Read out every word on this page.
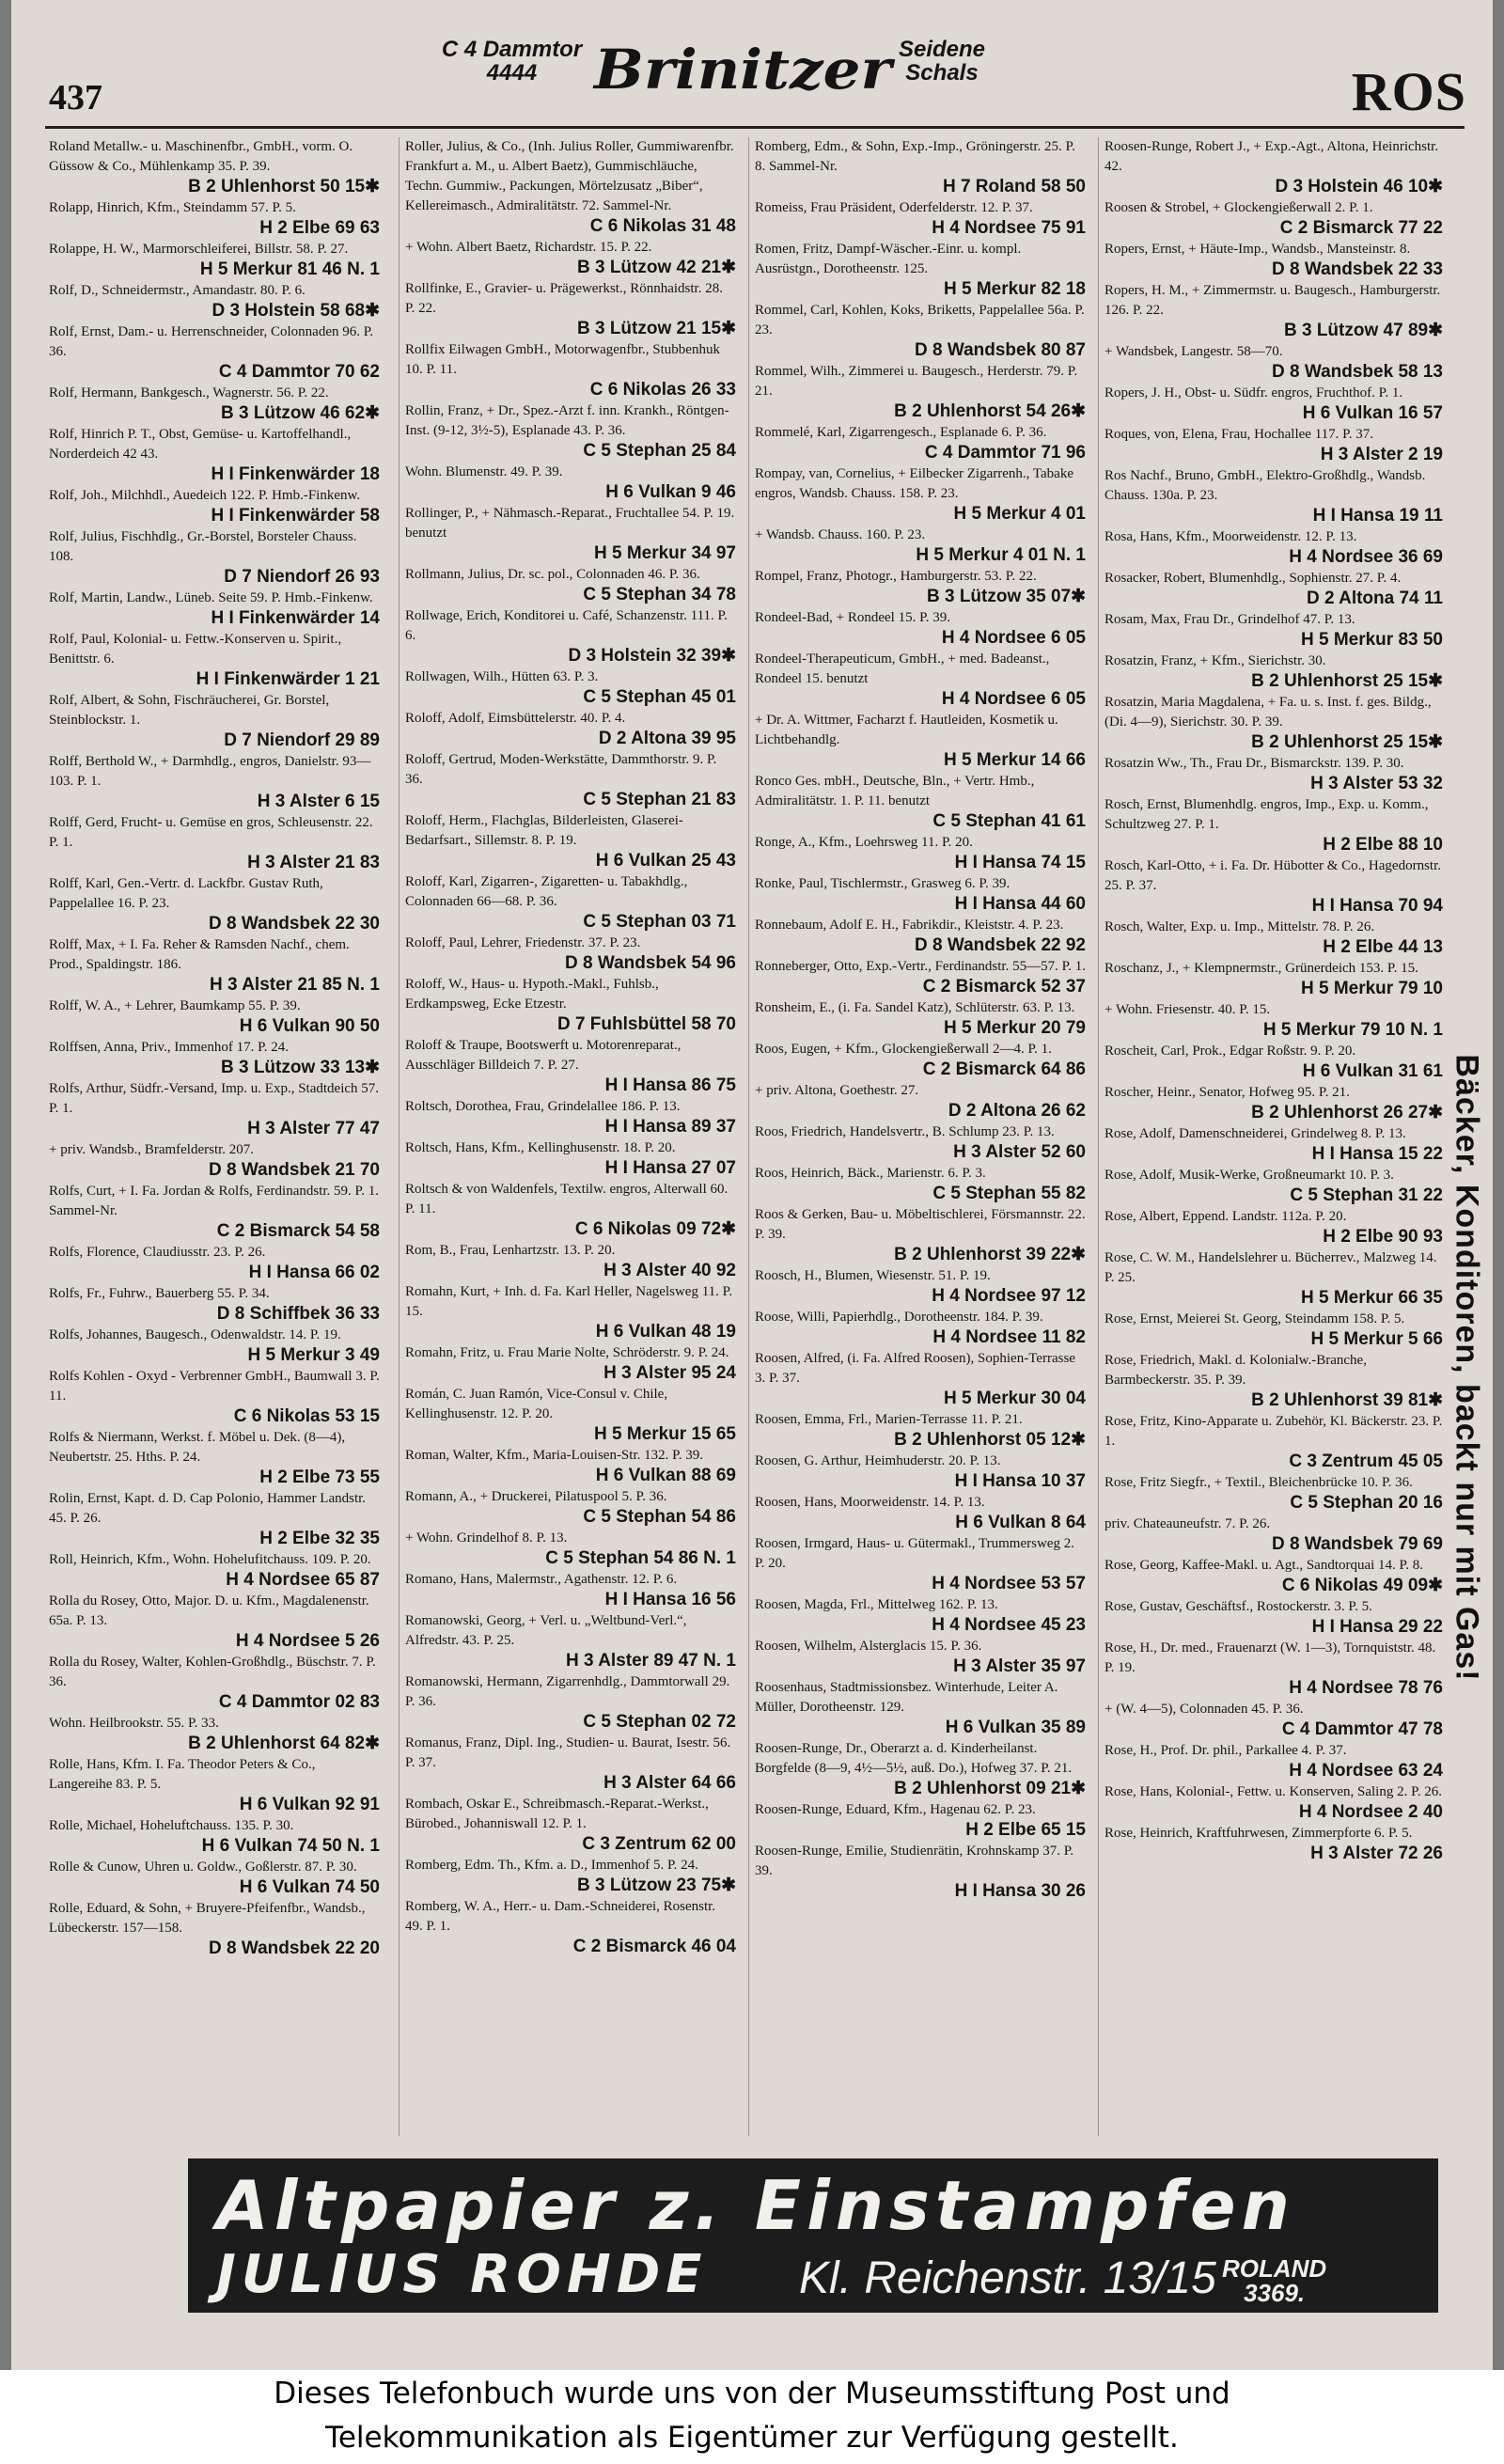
437
C 4 Dammtor
4444	Brinitzer Seidene
Schals	ROS
Roland Metallw.- u. Maschinenfbr., GmbH., vorm. O. Güssow & Co., Mühlenkamp 35. P. 39.
B 2 Uhlenhorst 50 15✱
Rolapp, Hinrich, Kfm., Steindamm 57. P. 5.
H 2 Elbe 69 63
Rolappe, H. W., Marmorschleiferei, Billstr. 58. P. 27.
H 5 Merkur 81 46 N. 1
Rolf, D., Schneidermstr., Amandastr. 80. P. 6.
D 3 Holstein 58 68✱
Rolf, Ernst, Dam.- u. Herrenschneider, Colonnaden 96. P. 36.
C 4 Dammtor 70 62
Rolf, Hermann, Bankgesch., Wagnerstr. 56. P. 22.
B 3 Lützow 46 62✱
Rolf, Hinrich P. T., Obst, Gemüse- u. Kartoffelhandl., Norderdeich 42 43.
H I Finkenwärder 18
Rolf, Joh., Milchhdl., Auedeich 122. P. Hmb.-Finkenw.
H I Finkenwärder 58
Rolf, Julius, Fischhdlg., Gr.-Borstel, Borsteler Chauss. 108.
D 7 Niendorf 26 93
Rolf, Martin, Landw., Lüneb. Seite 59. P. Hmb.-Finkenw.
H I Finkenwärder 14
Rolf, Paul, Kolonial- u. Fettw.-Konserven u. Spirit., Benittstr. 6.
H I Finkenwärder 1 21
Rolf, Albert, & Sohn, Fischräucherei, Gr. Borstel, Steinblockstr. 1.
D 7 Niendorf 29 89
Rolff, Berthold W., + Darmhdlg., engros, Danielstr. 93—103. P. 1.
H 3 Alster 6 15
Rolff, Gerd, Frucht- u. Gemüse en gros, Schleusenstr. 22. P. 1.
H 3 Alster 21 83
Rolff, Karl, Gen.-Vertr. d. Lackfbr. Gustav Ruth, Pappelallee 16. P. 23.
D 8 Wandsbek 22 30
Rolff, Max, + I. Fa. Reher & Ramsden Nachf., chem. Prod., Spaldingstr. 186.
H 3 Alster 21 85 N. 1
Rolff, W. A., + Lehrer, Baumkamp 55. P. 39.
H 6 Vulkan 90 50
Rolffsen, Anna, Priv., Immenhof 17. P. 24.
B 3 Lützow 33 13✱
Rolfs, Arthur, Südfr.-Versand, Imp. u. Exp., Stadtdeich 57. P. 1.
H 3 Alster 77 47
+ priv. Wandsb., Bramfelderstr. 207.
D 8 Wandsbek 21 70
Rolfs, Curt, + I. Fa. Jordan & Rolfs, Ferdinandstr. 59. P. 1. Sammel-Nr.
C 2 Bismarck 54 58
Rolfs, Florence, Claudiusstr. 23. P. 26.
H I Hansa 66 02
Rolfs, Fr., Fuhrw., Bauerberg 55. P. 34.
D 8 Schiffbek 36 33
Rolfs, Johannes, Baugesch., Odenwaldstr. 14. P. 19.
H 5 Merkur 3 49
Rolfs Kohlen - Oxyd - Verbrenner GmbH., Baumwall 3. P. 11.
C 6 Nikolas 53 15
Rolfs & Niermann, Werkst. f. Möbel u. Dek. (8—4), Neubertstr. 25. Hths. P. 24.
H 2 Elbe 73 55
Rolin, Ernst, Kapt. d. D. Cap Polonio, Hammer Landstr. 45. P. 26.
H 2 Elbe 32 35
Roll, Heinrich, Kfm., Wohn. Hohelufitchauss. 109. P. 20.
H 4 Nordsee 65 87
Rolla du Rosey, Otto, Major. D. u. Kfm., Magdalenenstr. 65a. P. 13.
H 4 Nordsee 5 26
Rolla du Rosey, Walter, Kohlen-Großhdlg., Büschstr. 7. P. 36.
C 4 Dammtor 02 83
Wohn. Heilbrookstr. 55. P. 33.
B 2 Uhlenhorst 64 82✱
Rolle, Hans, Kfm. I. Fa. Theodor Peters & Co., Langereihe 83. P. 5.
H 6 Vulkan 92 91
Rolle, Michael, Hoheluftchauss. 135. P. 30.
H 6 Vulkan 74 50 N. 1
Rolle & Cunow, Uhren u. Goldw., Goßlerstr. 87. P. 30.
H 6 Vulkan 74 50
Rolle, Eduard, & Sohn, + Bruyere-Pfeifenfbr., Wandsb., Lübeckerstr. 157—158.
D 8 Wandsbek 22 20
Roller, Julius, & Co., (Inh. Julius Roller, Gummiwarenfbr. Frankfurt a. M., u. Albert Baetz), Gummischläuche, Techn. Gummiw., Packungen, Mörtelzusatz „Biber“, Kellereimasch., Admiralitätstr. 72. Sammel-Nr.
C 6 Nikolas 31 48
+ Wohn. Albert Baetz, Richardstr. 15. P. 22.
B 3 Lützow 42 21✱
Rollfinke, E., Gravier- u. Prägewerkst., Rönnhaidstr. 28. P. 22.
B 3 Lützow 21 15✱
Rollfix Eilwagen GmbH., Motorwagenfbr., Stubbenhuk 10. P. 11.
C 6 Nikolas 26 33
Rollin, Franz, + Dr., Spez.-Arzt f. inn. Krankh., Röntgen-Inst. (9-12, 3½-5), Esplanade 43. P. 36.
C 5 Stephan 25 84
Wohn. Blumenstr. 49. P. 39.
H 6 Vulkan 9 46
Rollinger, P., + Nähmasch.-Reparat., Fruchtallee 54. P. 19. benutzt
H 5 Merkur 34 97
Rollmann, Julius, Dr. sc. pol., Colonnaden 46. P. 36.
C 5 Stephan 34 78
Rollwage, Erich, Konditorei u. Café, Schanzenstr. 111. P. 6.
D 3 Holstein 32 39✱
Rollwagen, Wilh., Hütten 63. P. 3.
C 5 Stephan 45 01
Roloff, Adolf, Eimsbüttelerstr. 40. P. 4.
D 2 Altona 39 95
Roloff, Gertrud, Moden-Werkstätte, Dammthorstr. 9. P. 36.
C 5 Stephan 21 83
Roloff, Herm., Flachglas, Bilderleisten, Glaserei-Bedarfsart., Sillemstr. 8. P. 19.
H 6 Vulkan 25 43
Roloff, Karl, Zigarren-, Zigaretten- u. Tabakhdlg., Colonnaden 66—68. P. 36.
C 5 Stephan 03 71
Roloff, Paul, Lehrer, Friedenstr. 37. P. 23.
D 8 Wandsbek 54 96
Roloff, W., Haus- u. Hypoth.-Makl., Fuhlsb., Erdkampsweg, Ecke Etzestr.
D 7 Fuhlsbüttel 58 70
Roloff & Traupe, Bootswerft u. Motorenreparat., Ausschläger Billdeich 7. P. 27.
H I Hansa 86 75
Roltsch, Dorothea, Frau, Grindelallee 186. P. 13.
H I Hansa 89 37
Roltsch, Hans, Kfm., Kellinghusenstr. 18. P. 20.
H I Hansa 27 07
Roltsch & von Waldenfels, Textilw. engros, Alterwall 60. P. 11.
C 6 Nikolas 09 72✱
Rom, B., Frau, Lenhartzstr. 13. P. 20.
H 3 Alster 40 92
Romahn, Kurt, + Inh. d. Fa. Karl Heller, Nagelsweg 11. P. 15.
H 6 Vulkan 48 19
Romahn, Fritz, u. Frau Marie Nolte, Schröderstr. 9. P. 24.
H 3 Alster 95 24
Román, C. Juan Ramón, Vice-Consul v. Chile, Kellinghusenstr. 12. P. 20.
H 5 Merkur 15 65
Roman, Walter, Kfm., Maria-Louisen-Str. 132. P. 39.
H 6 Vulkan 88 69
Romann, A., + Druckerei, Pilatuspool 5. P. 36.
C 5 Stephan 54 86
+ Wohn. Grindelhof 8. P. 13.
C 5 Stephan 54 86 N. 1
Romano, Hans, Malermstr., Agathenstr. 12. P. 6.
H I Hansa 16 56
Romanowski, Georg, + Verl. u. „Weltbund-Verl.“, Alfredstr. 43. P. 25.
H 3 Alster 89 47 N. 1
Romanowski, Hermann, Zigarrenhdlg., Dammtorwall 29. P. 36.
C 5 Stephan 02 72
Romanus, Franz, Dipl. Ing., Studien- u. Baurat, Isestr. 56. P. 37.
H 3 Alster 64 66
Rombach, Oskar E., Schreibmasch.-Reparat.-Werkst., Bürobed., Johanniswall 12. P. 1.
C 3 Zentrum 62 00
Romberg, Edm. Th., Kfm. a. D., Immenhof 5. P. 24.
B 3 Lützow 23 75✱
Romberg, W. A., Herr.- u. Dam.-Schneiderei, Rosenstr. 49. P. 1.
C 2 Bismarck 46 04
Romberg, Edm., & Sohn, Exp.-Imp., Gröningerstr. 25. P. 8. Sammel-Nr.
H 7 Roland 58 50
Romeiss, Frau Präsident, Oderfelderstr. 12. P. 37.
H 4 Nordsee 75 91
Romen, Fritz, Dampf-Wäscher.-Einr. u. kompl. Ausrüstgn., Dorotheenstr. 125.
H 5 Merkur 82 18
Rommel, Carl, Kohlen, Koks, Briketts, Pappelallee 56a. P. 23.
D 8 Wandsbek 80 87
Rommel, Wilh., Zimmerei u. Baugesch., Herderstr. 79. P. 21.
B 2 Uhlenhorst 54 26✱
Rommelé, Karl, Zigarrengesch., Esplanade 6. P. 36.
C 4 Dammtor 71 96
Rompay, van, Cornelius, + Eilbecker Zigarrenh., Tabake engros, Wandsb. Chauss. 158. P. 23.
H 5 Merkur 4 01
+ Wandsb. Chauss. 160. P. 23.
H 5 Merkur 4 01 N. 1
Rompel, Franz, Photogr., Hamburgerstr. 53. P. 22.
B 3 Lützow 35 07✱
Rondeel-Bad, + Rondeel 15. P. 39.
H 4 Nordsee 6 05
Rondeel-Therapeuticum, GmbH., + med. Badeanst., Rondeel 15. benutzt
H 4 Nordsee 6 05
+ Dr. A. Wittmer, Facharzt f. Hautleiden, Kosmetik u. Lichtbehandlg.
H 5 Merkur 14 66
Ronco Ges. mbH., Deutsche, Bln., + Vertr. Hmb., Admiralitätstr. 1. P. 11. benutzt
C 5 Stephan 41 61
Ronge, A., Kfm., Loehrsweg 11. P. 20.
H I Hansa 74 15
Ronke, Paul, Tischlermstr., Grasweg 6. P. 39.
H I Hansa 44 60
Ronnebaum, Adolf E. H., Fabrikdir., Kleiststr. 4. P. 23.
D 8 Wandsbek 22 92
Ronneberger, Otto, Exp.-Vertr., Ferdinandstr. 55—57. P. 1.
C 2 Bismarck 52 37
Ronsheim, E., (i. Fa. Sandel Katz), Schlüterstr. 63. P. 13.
H 5 Merkur 20 79
Roos, Eugen, + Kfm., Glockengießerwall 2—4. P. 1.
C 2 Bismarck 64 86
+ priv. Altona, Goethestr. 27.
D 2 Altona 26 62
Roos, Friedrich, Handelsvertr., B. Schlump 23. P. 13.
H 3 Alster 52 60
Roos, Heinrich, Bäck., Marienstr. 6. P. 3.
C 5 Stephan 55 82
Roos & Gerken, Bau- u. Möbeltischlerei, Försmannstr. 22. P. 39.
B 2 Uhlenhorst 39 22✱
Roosch, H., Blumen, Wiesenstr. 51. P. 19.
H 4 Nordsee 97 12
Roose, Willi, Papierhdlg., Dorotheenstr. 184. P. 39.
H 4 Nordsee 11 82
Roosen, Alfred, (i. Fa. Alfred Roosen), Sophien-Terrasse 3. P. 37.
H 5 Merkur 30 04
Roosen, Emma, Frl., Marien-Terrasse 11. P. 21.
B 2 Uhlenhorst 05 12✱
Roosen, G. Arthur, Heimhuderstr. 20. P. 13.
H I Hansa 10 37
Roosen, Hans, Moorweidenstr. 14. P. 13.
H 6 Vulkan 8 64
Roosen, Irmgard, Haus- u. Gütermakl., Trummersweg 2. P. 20.
H 4 Nordsee 53 57
Roosen, Magda, Frl., Mittelweg 162. P. 13.
H 4 Nordsee 45 23
Roosen, Wilhelm, Alsterglacis 15. P. 36.
H 3 Alster 35 97
Roosenhaus, Stadtmissionsbez. Winterhude, Leiter A. Müller, Dorotheenstr. 129.
H 6 Vulkan 35 89
Roosen-Runge, Dr., Oberarzt a. d. Kinderheilanst. Borgfelde (8—9, 4½—5½, auß. Do.), Hofweg 37. P. 21.
B 2 Uhlenhorst 09 21✱
Roosen-Runge, Eduard, Kfm., Hagenau 62. P. 23.
H 2 Elbe 65 15
Roosen-Runge, Emilie, Studienrätin, Krohnskamp 37. P. 39.
H I Hansa 30 26
Roosen-Runge, Robert J., + Exp.-Agt., Altona, Heinrichstr. 42.
D 3 Holstein 46 10✱
Roosen & Strobel, + Glockengießerwall 2. P. 1.
C 2 Bismarck 77 22
Ropers, Ernst, + Häute-Imp., Wandsb., Mansteinstr. 8.
D 8 Wandsbek 22 33
Ropers, H. M., + Zimmermstr. u. Baugesch., Hamburgerstr. 126. P. 22.
B 3 Lützow 47 89✱
+ Wandsbek, Langestr. 58—70.
D 8 Wandsbek 58 13
Ropers, J. H., Obst- u. Südfr. engros, Fruchthof. P. 1.
H 6 Vulkan 16 57
Roques, von, Elena, Frau, Hochallee 117. P. 37.
H 3 Alster 2 19
Ros Nachf., Bruno, GmbH., Elektro-Großhdlg., Wandsb. Chauss. 130a. P. 23.
H I Hansa 19 11
Rosa, Hans, Kfm., Moorweidenstr. 12. P. 13.
H 4 Nordsee 36 69
Rosacker, Robert, Blumenhdlg., Sophienstr. 27. P. 4.
D 2 Altona 74 11
Rosam, Max, Frau Dr., Grindelhof 47. P. 13.
H 5 Merkur 83 50
Rosatzin, Franz, + Kfm., Sierichstr. 30.
B 2 Uhlenhorst 25 15✱
Rosatzin, Maria Magdalena, + Fa. u. s. Inst. f. ges. Bildg., (Di. 4—9), Sierichstr. 30. P. 39.
B 2 Uhlenhorst 25 15✱
Rosatzin Ww., Th., Frau Dr., Bismarckstr. 139. P. 30.
H 3 Alster 53 32
Rosch, Ernst, Blumenhdlg. engros, Imp., Exp. u. Komm., Schultzweg 27. P. 1.
H 2 Elbe 88 10
Rosch, Karl-Otto, + i. Fa. Dr. Hübotter & Co., Hagedornstr. 25. P. 37.
H I Hansa 70 94
Rosch, Walter, Exp. u. Imp., Mittelstr. 78. P. 26.
H 2 Elbe 44 13
Roschanz, J., + Klempnermstr., Grünerdeich 153. P. 15.
H 5 Merkur 79 10
+ Wohn. Friesenstr. 40. P. 15.
H 5 Merkur 79 10 N. 1
Roscheit, Carl, Prok., Edgar Roßstr. 9. P. 20.
H 6 Vulkan 31 61
Roscher, Heinr., Senator, Hofweg 95. P. 21.
B 2 Uhlenhorst 26 27✱
Rose, Adolf, Damenschneiderei, Grindelweg 8. P. 13.
H I Hansa 15 22
Rose, Adolf, Musik-Werke, Großneumarkt 10. P. 3.
C 5 Stephan 31 22
Rose, Albert, Eppend. Landstr. 112a. P. 20.
H 2 Elbe 90 93
Rose, C. W. M., Handelslehrer u. Bücherrev., Malzweg 14. P. 25.
H 5 Merkur 66 35
Rose, Ernst, Meierei St. Georg, Steindamm 158. P. 5.
H 5 Merkur 5 66
Rose, Friedrich, Makl. d. Kolonialw.-Branche, Barmbeckerstr. 35. P. 39.
B 2 Uhlenhorst 39 81✱
Rose, Fritz, Kino-Apparate u. Zubehör, Kl. Bäckerstr. 23. P. 1.
C 3 Zentrum 45 05
Rose, Fritz Siegfr., + Textil., Bleichenbrücke 10. P. 36.
C 5 Stephan 20 16
priv. Chateauneufstr. 7. P. 26.
D 8 Wandsbek 79 69
Rose, Georg, Kaffee-Makl. u. Agt., Sandtorquai 14. P. 8.
C 6 Nikolas 49 09✱
Rose, Gustav, Geschäftsf., Rostockerstr. 3. P. 5.
H I Hansa 29 22
Rose, H., Dr. med., Frauenarzt (W. 1—3), Tornquiststr. 48. P. 19.
H 4 Nordsee 78 76
+ (W. 4—5), Colonnaden 45. P. 36.
C 4 Dammtor 47 78
Rose, H., Prof. Dr. phil., Parkallee 4. P. 37.
H 4 Nordsee 63 24
Rose, Hans, Kolonial-, Fettw. u. Konserven, Saling 2. P. 26.
H 4 Nordsee 2 40
Rose, Heinrich, Kraftfuhrwesen, Zimmerpforte 6. P. 5.
H 3 Alster 72 26
Bäcker, Konditoren, backt nur mit Gas!
Altpapier z. Einstampfen
JULIUS ROHDE Kl. Reichenstr. 13/15 ROLAND
3369.
Dieses Telefonbuch wurde uns von der Museumsstiftung Post und
Telekommunikation als Eigentümer zur Verfügung gestellt.
